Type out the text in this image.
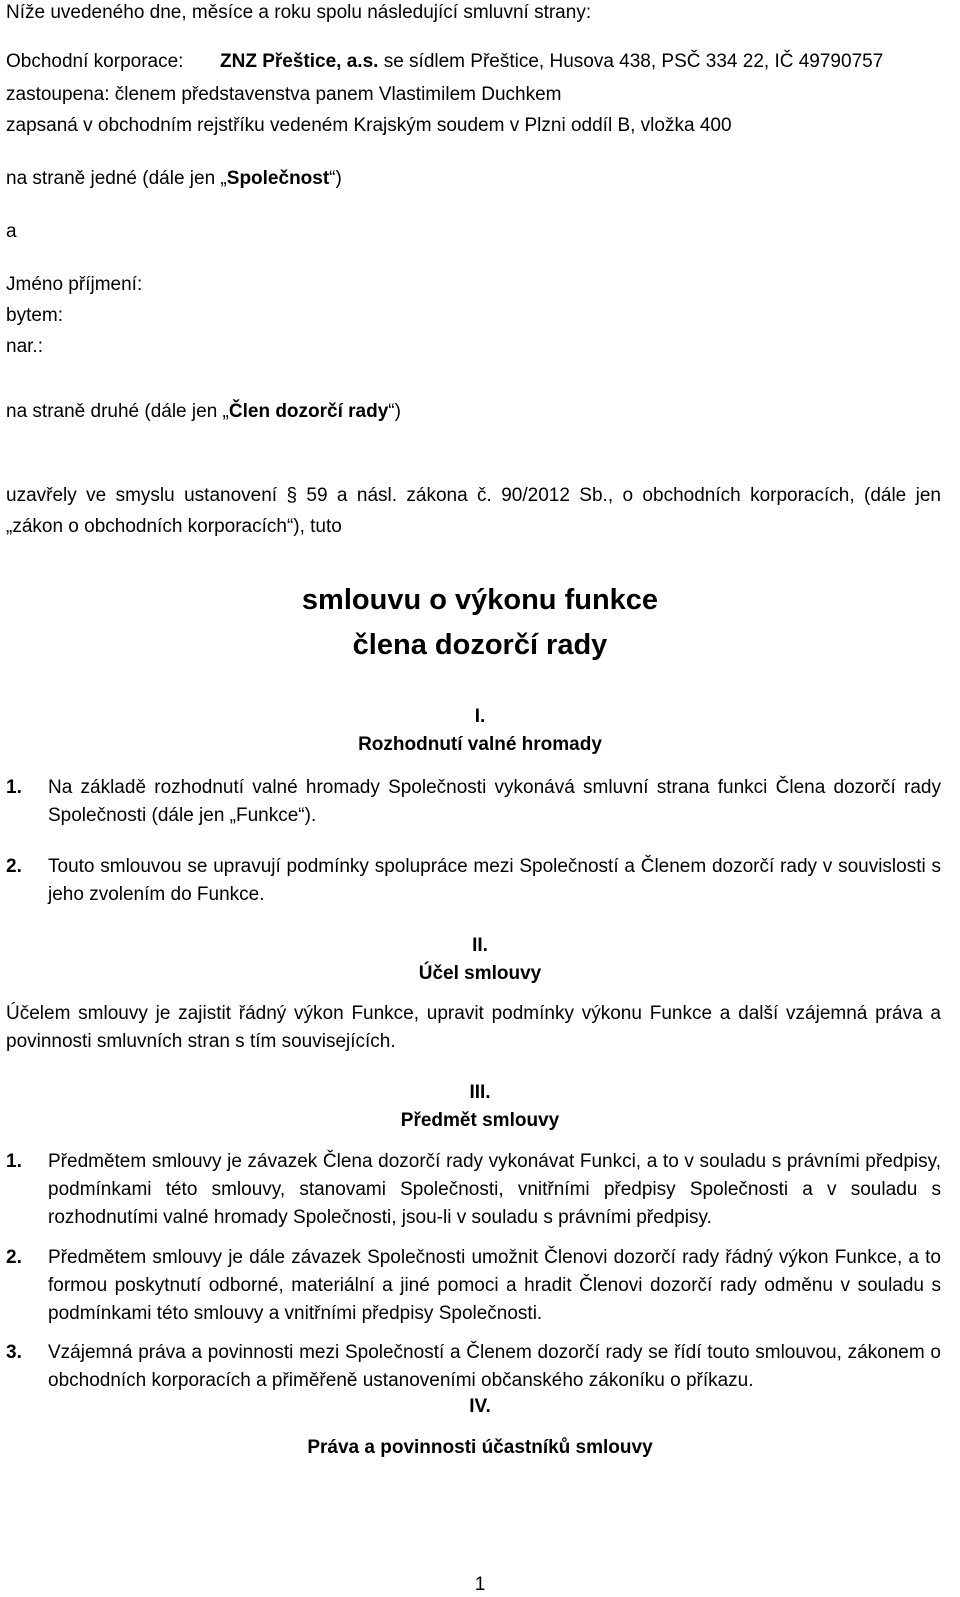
Níže uvedeného dne, měsíce a roku spolu následující smluvní strany:
Obchodní korporace: ZNZ Přeštice, a.s. se sídlem Přeštice, Husova 438, PSČ 334 22, IČ 49790757
zastoupena: členem představenstva panem Vlastimilem Duchkem
zapsaná v obchodním rejstříku vedeném Krajským soudem v Plzni oddíl B, vložka 400
na straně jedné (dále jen „Společnost“)
a
Jméno příjmení:
bytem:
nar.:
na straně druhé (dále jen „Člen dozorčí rady“)
uzavřely ve smyslu ustanovení § 59 a násl. zákona č. 90/2012 Sb., o obchodních korporacích, (dále jen
„zákon o obchodních korporacích“), tuto
smlouvu o výkonu funkce
člena dozorčí rady
I.
Rozhodnutí valné hromady
1. Na základě rozhodnutí valné hromady Společnosti vykonává smluvní strana funkci Člena dozorčí rady Společnosti (dále jen „Funkce“).
2. Touto smlouvou se upravují podmínky spolupráce mezi Společností a Členem dozorčí rady v souvislosti s jeho zvolením do Funkce.
II.
Účel smlouvy
Účelem smlouvy je zajistit řádný výkon Funkce, upravit podmínky výkonu Funkce a další vzájemná práva a povinnosti smluvních stran s tím souvisejících.
III.
Předmět smlouvy
1. Předmětem smlouvy je závazek Člena dozorčí rady vykonávat Funkci, a to v souladu s právními předpisy, podmínkami této smlouvy, stanovami Společnosti, vnitřními předpisy Společnosti a v souladu s rozhodnutími valné hromady Společnosti, jsou-li v souladu s právními předpisy.
2. Předmětem smlouvy je dále závazek Společnosti umožnit Členovi dozorčí rady řádný výkon Funkce, a to formou poskytnutí odborné, materiální a jiné pomoci a hradit Členovi dozorčí rady odměnu v souladu s podmínkami této smlouvy a vnitřními předpisy Společnosti.
3. Vzájemná práva a povinnosti mezi Společností a Členem dozorčí rady se řídí touto smlouvou, zákonem o obchodních korporacích a přiměřeně ustanoveními občanského zákoníku o příkazu.
IV.
Práva a povinnosti účastníků smlouvy
1
